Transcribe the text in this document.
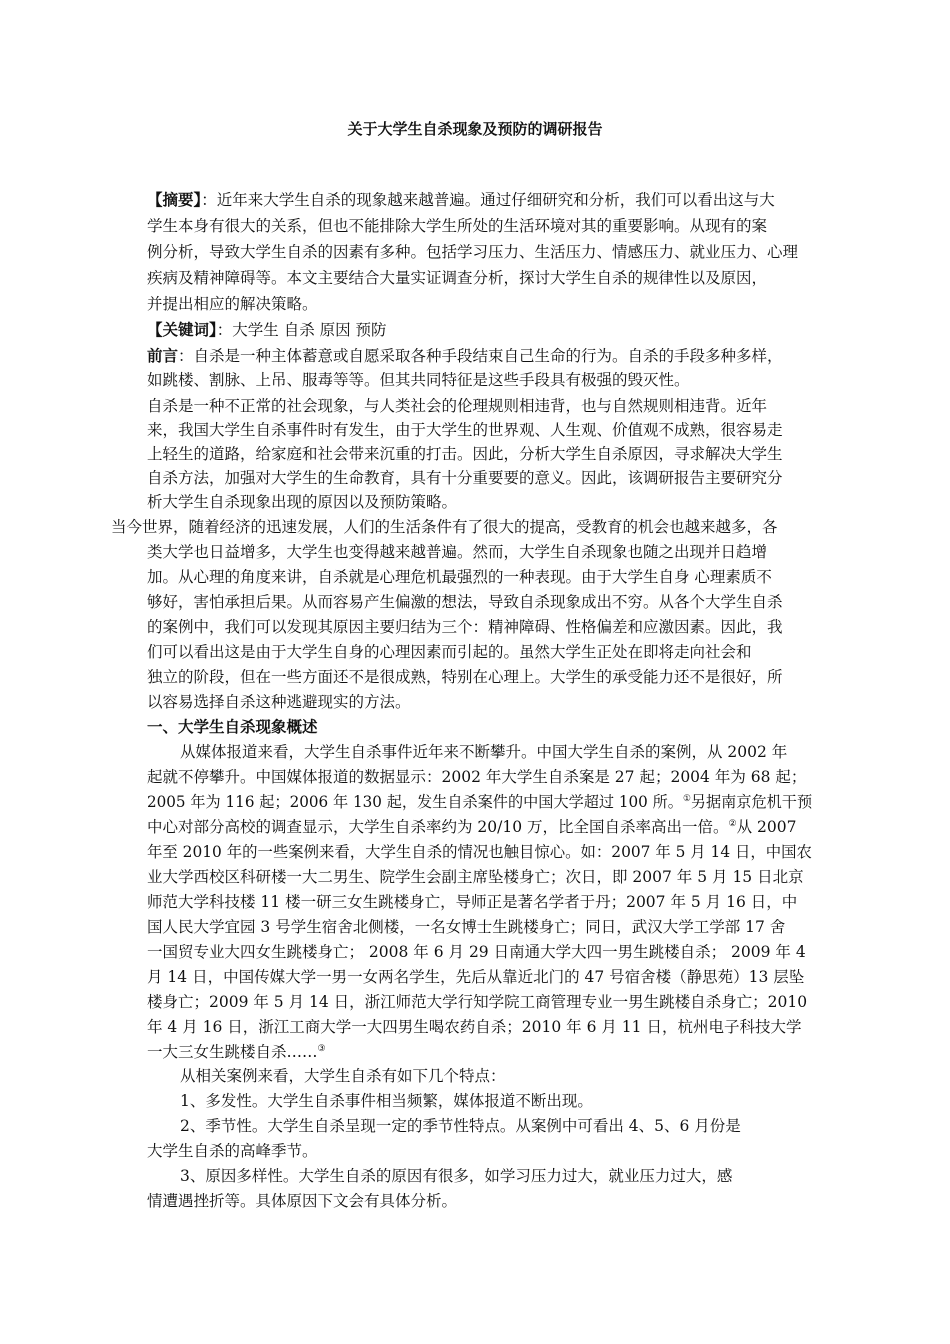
关于大学生自杀现象及预防的调研报告
【摘要】：近年来大学生自杀的现象越来越普遍。通过仔细研究和分析，我们可以看出这与大
学生本身有很大的关系，但也不能排除大学生所处的生活环境对其的重要影响。从现有的案
例分析，导致大学生自杀的因素有多种。包括学习压力、生活压力、情感压力、就业压力、心理
疾病及精神障碍等。本文主要结合大量实证调查分析，探讨大学生自杀的规律性以及原因，
并提出相应的解决策略。
【关键词】：大学生 自杀 原因 预防
前言：自杀是一种主体蓄意或自愿采取各种手段结束自己生命的行为。自杀的手段多种多样，
如跳楼、割脉、上吊、服毒等等。但其共同特征是这些手段具有极强的毁灭性。
自杀是一种不正常的社会现象，与人类社会的伦理规则相违背，也与自然规则相违背。近年
来，我国大学生自杀事件时有发生，由于大学生的世界观、人生观、价值观不成熟，很容易走
上轻生的道路，给家庭和社会带来沉重的打击。因此，分析大学生自杀原因，寻求解决大学生
自杀方法，加强对大学生的生命教育，具有十分重要要的意义。因此，该调研报告主要研究分
析大学生自杀现象出现的原因以及预防策略。
当今世界，随着经济的迅速发展，人们的生活条件有了很大的提高，受教育的机会也越来越多，各
类大学也日益增多，大学生也变得越来越普遍。然而，大学生自杀现象也随之出现并日趋增
加。从心理的角度来讲，自杀就是心理危机最强烈的一种表现。由于大学生自身 心理素质不
够好，害怕承担后果。从而容易产生偏激的想法，导致自杀现象成出不穷。从各个大学生自杀
的案例中，我们可以发现其原因主要归结为三个：精神障碍、性格偏差和应激因素。因此，我
们可以看出这是由于大学生自身的心理因素而引起的。虽然大学生正处在即将走向社会和
独立的阶段，但在一些方面还不是很成熟，特别在心理上。大学生的承受能力还不是很好，所
以容易选择自杀这种逃避现实的方法。
一、大学生自杀现象概述
从媒体报道来看，大学生自杀事件近年来不断攀升。中国大学生自杀的案例，从 2002 年
起就不停攀升。中国媒体报道的数据显示：2002 年大学生自杀案是 27 起；2004 年为 68 起；
2005 年为 116 起；2006 年 130 起，发生自杀案件的中国大学超过 100 所。①另据南京危机干预
中心对部分高校的调查显示，大学生自杀率约为 20/10 万，比全国自杀率高出一倍。②从 2007
年至 2010 年的一些案例来看，大学生自杀的情况也触目惊心。如：2007 年 5 月 14 日，中国农
业大学西校区科研楼一大二男生、院学生会副主席坠楼身亡；次日，即 2007 年 5 月 15 日北京
师范大学科技楼 11 楼一研三女生跳楼身亡，导师正是著名学者于丹；2007 年 5 月 16 日，中
国人民大学宜园 3 号学生宿舍北侧楼，一名女博士生跳楼身亡；同日，武汉大学工学部 17 舍
一国贸专业大四女生跳楼身亡； 2008 年 6 月 29 日南通大学大四一男生跳楼自杀； 2009 年 4
月 14 日，中国传媒大学一男一女两名学生，先后从靠近北门的 47 号宿舍楼（静思苑）13 层坠
楼身亡；2009 年 5 月 14 日，浙江师范大学行知学院工商管理专业一男生跳楼自杀身亡；2010
年 4 月 16 日，浙江工商大学一大四男生喝农药自杀；2010 年 6 月 11 日，杭州电子科技大学
一大三女生跳楼自杀……③
从相关案例来看，大学生自杀有如下几个特点：
1、多发性。大学生自杀事件相当频繁，媒体报道不断出现。
2、季节性。大学生自杀呈现一定的季节性特点。从案例中可看出 4、5、6 月份是
大学生自杀的高峰季节。
3、原因多样性。大学生自杀的原因有很多，如学习压力过大，就业压力过大，感
情遭遇挫折等。具体原因下文会有具体分析。
